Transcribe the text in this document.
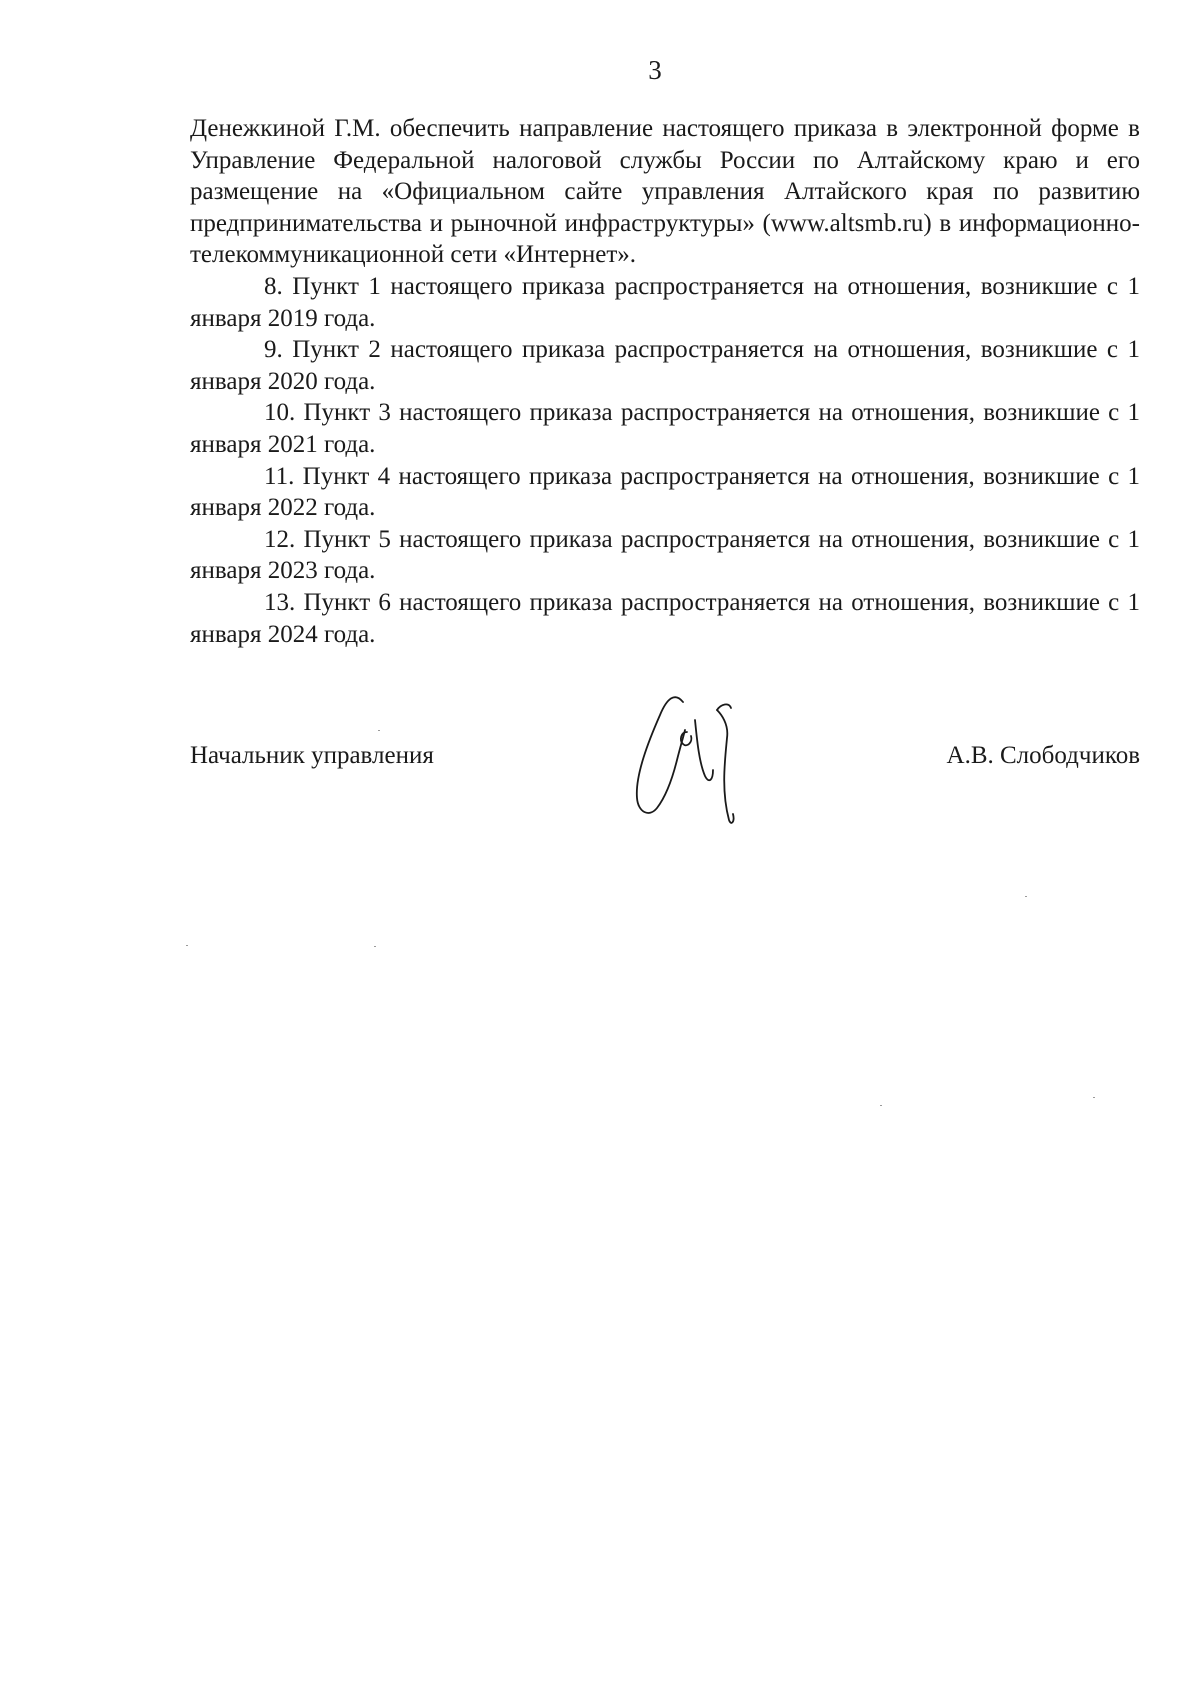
3

Денежкиной Г.М. обеспечить направление настоящего приказа в электронной форме в Управление Федеральной налоговой службы России по Алтайскому краю и его размещение на «Официальном сайте управления Алтайского края по развитию предпринимательства и рыночной инфраструктуры» (www.altsmb.ru) в информационно-телекоммуникационной сети «Интернет».

8. Пункт 1 настоящего приказа распространяется на отношения, возникшие с 1 января 2019 года.

9. Пункт 2 настоящего приказа распространяется на отношения, возникшие с 1 января 2020 года.

10. Пункт 3 настоящего приказа распространяется на отношения, возникшие с 1 января 2021 года.

11. Пункт 4 настоящего приказа распространяется на отношения, возникшие с 1 января 2022 года.

12. Пункт 5 настоящего приказа распространяется на отношения, возникшие с 1 января 2023 года.

13. Пункт 6 настоящего приказа распространяется на отношения, возникшие с 1 января 2024 года.

Начальник управления	А.В. Слободчиков
